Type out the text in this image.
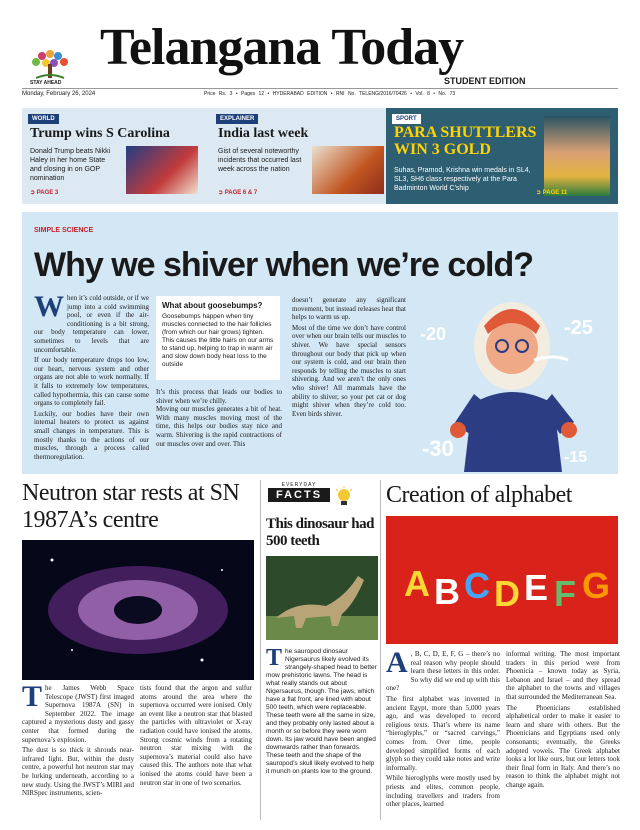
STAY AHEAD
Telangana Today
STUDENT EDITION
Monday, February 26, 2024	Price Rs. 3 • Pages 12 • HYDERABAD EDITION • RNI No. TELENG/2016/70426 • Vol. 8 • No. 73
WORLD
Trump wins S Carolina
Donald Trump beats Nikki Haley in her home State and closing in on GOP nomination
➲ PAGE 3
EXPLAINER
India last week
Gist of several noteworthy incidents that occurred last week across the nation
➲ PAGE 6 & 7
SPORT
PARA SHUTTLERS WIN 3 GOLD
Suhas, Pramod, Krishna win medals in SL4, SL3, SH6 class respectively at the Para Badminton World C'ship
➲ PAGE 11
SIMPLE SCIENCE
Why we shiver when we’re cold?

When it’s cold outside, or if we jump into a cold swimming pool, or even if the air-conditioning is a bit strong, our body temperature can lower, sometimes to levels that are uncomfortable.

If our body temperature drops too low, our heart, nervous system and other organs are not able to work normally. If it falls to extremely low temperatures, called hypothermia, this can cause some organs to completely fail.

Luckily, our bodies have their own internal heaters to protect us against small changes in temperature. This is mostly thanks to the actions of our muscles, through a process called thermoregulation.

What about goosebumps?

Goosebumps happen when tiny muscles connected to the hair follicles (from which our hair grows) tighten. This causes the little hairs on our arms to stand up, helping to trap in warm air and slow down body heat loss to the outside

It’s this process that leads our bodies to shiver when we’re chilly.

Moving our muscles generates a bit of heat. With many muscles moving most of the time, this helps our bodies stay nice and warm. Shivering is the rapid contractions of our muscles over and over. This

doesn’t generate any significant movement, but instead releases heat that helps to warm us up.

Most of the time we don’t have control over when our brain tells our muscles to shiver. We have special sensors throughout our body that pick up when our system is cold, and our brain then responds by telling the muscles to start shivering. And we aren’t the only ones who shiver! All mammals have the ability to shiver, so your pet cat or dog might shiver when they’re cold too. Even birds shiver.

-20	-25
-30	-15
Neutron star rests at SN 1987A’s centre

The James Webb Space Telescope (JWST) first imaged Supernova 1987A (SN) in September 2022. The image captured a mysterious dusty and gassy center that formed during the supernova’s explosion.

The dust is so thick it shrouds near-infrared light. But, within the dusty centre, a powerful hot neutron star may be lurking underneath, according to a new study. Using the JWST’s MIRI and NIRSpec instruments, scien-

tists found that the argon and sulfur atoms around the area where the supernova occurred were ionised. Only an event like a neutron star that blasted the particles with ultraviolet or X-ray radiation could have ionised the atoms. Strong cosmic winds from a rotating neutron star mixing with the supernova’s material could also have caused this. The authors note that what ionised the atoms could have been a neutron star in one of two scenarios.

EVERYDAY
FACTS
This dinosaur had 500 teeth
The sauropod dinosaur Nigersaurus likely evolved its strangely-shaped head to better mow prehistoric lawns. The head is what really stands out about Nigersaurus, though. The jaws, which have a flat front, are lined with about 500 teeth, which were replaceable. These teeth were all the same in size, and they probably only lasted about a month or so before they were worn down. Its jaw would have been angled downwards rather than forwards. These teeth and the shape of the sauropod’s skull likely evolved to help it munch on plants low to the ground.
Creation of alphabet
A B C D E F G

A , B, C, D, E, F, G – there’s no real reason why people should learn these letters in this order. So why did we end up with this one?

The first alphabet was invented in ancient Egypt, more than 5,000 years ago, and was developed to record religious texts. That’s where its name “hieroglyphs,” or “sacred carvings,” comes from. Over time, people developed simplified forms of each glyph so they could take notes and write informally.

While hieroglyphs were mostly used by priests and elites, common people, including travellers and traders from other places, learned

informal writing. The most important traders in this period were from Phoenicia – known today as Syria, Lebanon and Israel – and they spread the alphabet to the towns and villages that surrounded the Mediterranean Sea.

The Phoenicians established alphabetical order to make it easier to learn and share with others. But the Phoenicians and Egyptians used only consonants; eventually, the Greeks adopted vowels. The Greek alphabet looks a lot like ours, but our letters took their final form in Italy. And there’s no reason to think the alphabet might not change again.
